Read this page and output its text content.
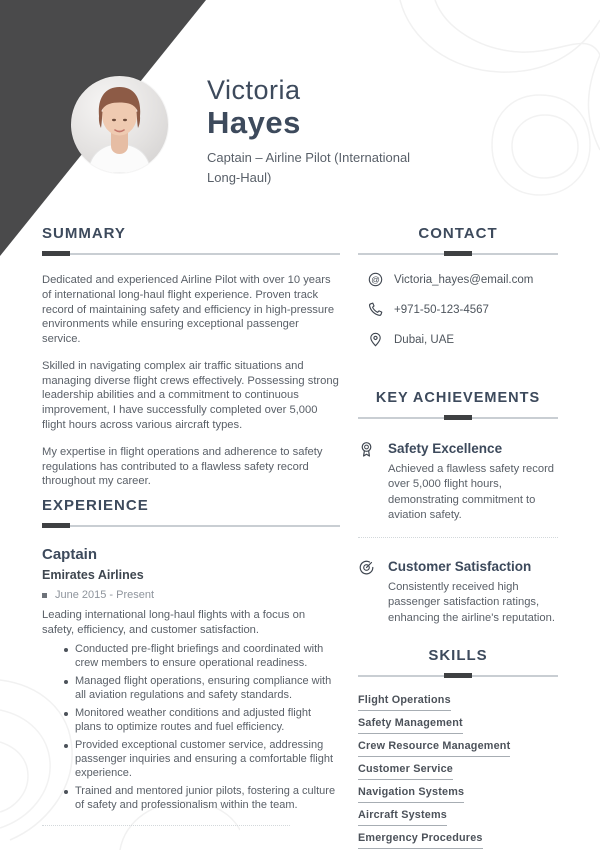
Victoria
Hayes
Captain – Airline Pilot (International Long-Haul)
SUMMARY

Dedicated and experienced Airline Pilot with over 10 years of international long-haul flight experience. Proven track record of maintaining safety and efficiency in high-pressure environments while ensuring exceptional passenger service.

Skilled in navigating complex air traffic situations and managing diverse flight crews effectively. Possessing strong leadership abilities and a commitment to continuous improvement, I have successfully completed over 5,000 flight hours across various aircraft types.

My expertise in flight operations and adherence to safety regulations has contributed to a flawless safety record throughout my career.

EXPERIENCE
Captain
Emirates Airlines
June 2015 - Present
Leading international long-haul flights with a focus on safety, efficiency, and customer satisfaction.
Conducted pre-flight briefings and coordinated with crew members to ensure operational readiness.
Managed flight operations, ensuring compliance with all aviation regulations and safety standards.
Monitored weather conditions and adjusted flight plans to optimize routes and fuel efficiency.
Provided exceptional customer service, addressing passenger inquiries and ensuring a comfortable flight experience.
Trained and mentored junior pilots, fostering a culture of safety and professionalism within the team.
CONTACT
@ Victoria_hayes@email.com
+971-50-123-4567
Dubai, UAE
KEY ACHIEVEMENTS
Safety Excellence
Achieved a flawless safety record over 5,000 flight hours, demonstrating commitment to aviation safety.
Customer Satisfaction
Consistently received high passenger satisfaction ratings, enhancing the airline's reputation.
SKILLS
Flight Operations
Safety Management
Crew Resource Management
Customer Service
Navigation Systems
Aircraft Systems
Emergency Procedures
